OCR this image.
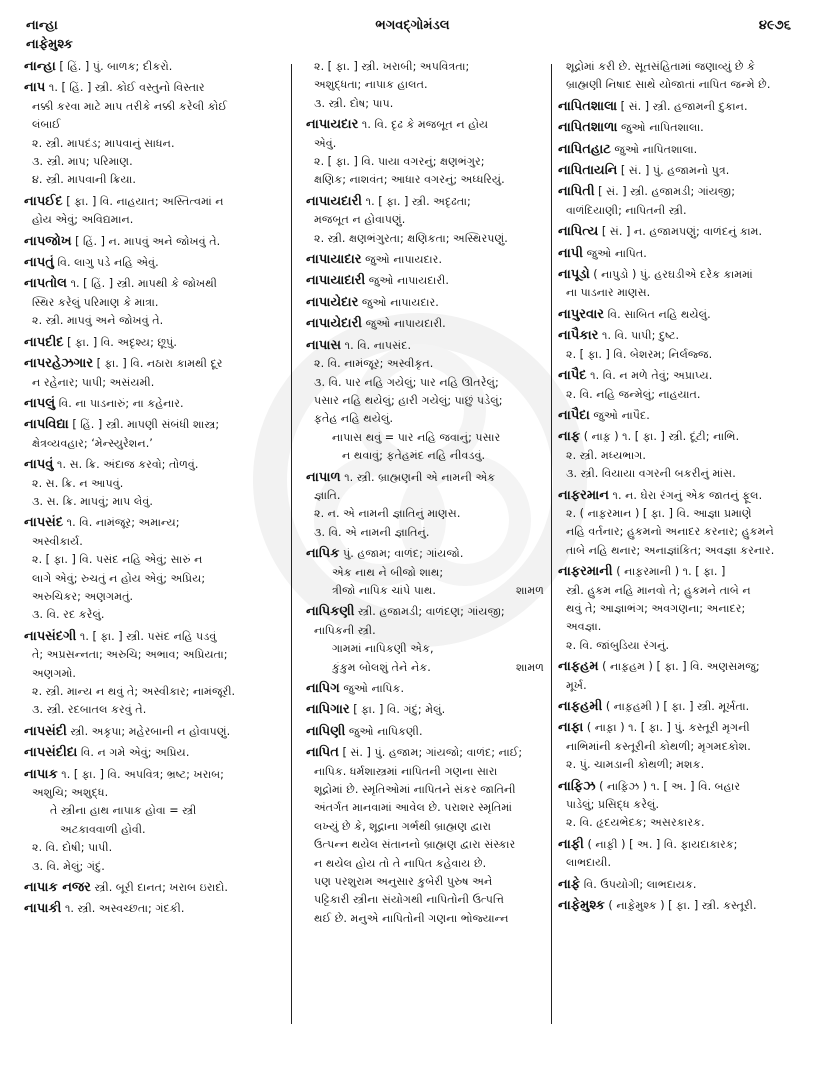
નાન્હા
નાફેમુશ્ક
ભગવદ્ગોમંડલ	૪૯૭૬
નાન્હા [ હિં. ] પું. બાળક; દીકરો.
નાપ ૧. [ હિં. ] સ્ત્રી. કોઈ વસ્તુનો વિસ્તાર
નક્કી કરવા માટે માપ તરીકે નક્કી કરેલી કોઈ
લંબાઈ
૨. સ્ત્રી. માપદંડ; માપવાનું સાધન.
૩. સ્ત્રી. માપ; પરિમાણ.
૪. સ્ત્રી. માપવાની ક્રિયા.
નાપઈદ [ ફા. ] વિ. નાહયાત; અસ્તિત્વમાં ન
હોય એવું; અવિદ્યમાન.
નાપજોખ [ હિં. ] ન. માપવું અને જોખવું તે.
નાપતું વિ. લાગુ પડે નહિ એવું.
નાપતોલ ૧. [ હિં. ] સ્ત્રી. માપથી કે જોખથી
સ્થિર કરેલું પરિમાણ કે માત્રા.
૨. સ્ત્રી. માપવું અને જોખવું તે.
નાપદીદ [ ફા. ] વિ. અદૃશ્ય; છૂપું.
નાપરહેઝગાર [ ફા. ] વિ. નઠારા કામથી દૂર
ન રહેનાર; પાપી; અસંયમી.
નાપલું વિ. ના પાડનારું; ના કહેનાર.
નાપવિદ્યા [ હિં. ] સ્ત્રી. માપણી સંબંધી શાસ્ત્ર;
ક્ષેત્રવ્યવહાર; ‘મેન્સ્યુરેશન.’
નાપવું ૧. સ. ક્રિ. અંદાજ કરવો; તોળવું.
૨. સ. ક્રિ. ન આપવું.
૩. સ. ક્રિ. માપવું; માપ લેવું.
નાપસંદ ૧. વિ. નામંજૂર; અમાન્ય;
અસ્વીકાર્ય.
૨. [ ફા. ] વિ. પસંદ નહિ એવું; સારું ન
લાગે એવું; રુચતું ન હોય એવું; અપ્રિય;
અરુચિકર; અણગમતું.
૩. વિ. રદ કરેલું.
નાપસંદગી ૧. [ ફા. ] સ્ત્રી. પસંદ નહિ પડવું
તે; અપ્રસન્નતા; અરુચિ; અભાવ; અપ્રિયતા;
અણગમો.
૨. સ્ત્રી. માન્ય ન થવું તે; અસ્વીકાર; નામંજૂરી.
૩. સ્ત્રી. રદબાતલ કરવું તે.
નાપસંદી સ્ત્રી. અકૃપા; મહેરબાની ન હોવાપણું.
નાપસંદીદા વિ. ન ગમે એવું; અપ્રિય.
નાપાક ૧. [ ફા. ] વિ. અપવિત્ર; ભ્રષ્ટ; ખરાબ;
અશુચિ; અશુદ્ધ.
તે સ્ત્રીના હાથ નાપાક હોવા = સ્ત્રી
અટકાવવાળી હોવી.
૨. વિ. દોષી; પાપી.
૩. વિ. મેલું; ગંદું.
નાપાક નજર સ્ત્રી. બૂરી દાનત; ખરાબ ઇરાદો.
નાપાકી ૧. સ્ત્રી. અસ્વચ્છતા; ગંદકી.
૨. [ ફા. ] સ્ત્રી. ખરાબી; અપવિત્રતા;
અશુદ્ધતા; નાપાક હાલત.
૩. સ્ત્રી. દોષ; પાપ.
નાપાયદાર ૧. વિ. દૃઢ કે મજબૂત ન હોય
એવું.
૨. [ ફા. ] વિ. પાયા વગરનું; ક્ષણભંગુર;
ક્ષણિક; નાશવંત; આધાર વગરનું; અધ્ધરિયું.
નાપાયદારી ૧. [ ફા. ] સ્ત્રી. અદૃઢતા;
મજબૂત ન હોવાપણું.
૨. સ્ત્રી. ક્ષણભંગુરતા; ક્ષણિકતા; અસ્થિરપણું.
નાપાયાદાર જુઓ નાપાયદાર.
નાપાયાદારી જુઓ નાપાયદારી.
નાપાયેદાર જુઓ નાપાયદાર.
નાપાયેદારી જુઓ નાપાયદારી.
નાપાસ ૧. વિ. નાપસંદ.
૨. વિ. નામંજૂર; અસ્વીકૃત.
૩. વિ. પાર નહિ ગયેલું; પાર નહિ ઊતરેલું;
પસાર નહિ થયેલું; હારી ગયેલું; પાછું પડેલું;
ફતેહ નહિ થયેલું.
નાપાસ થવું = પાર નહિ જવાનું; પસાર
ન થવાવું; ફતેહમંદ નહિ નીવડવું.
નાપાળ ૧. સ્ત્રી. બ્રાહ્મણની એ નામની એક
જ્ઞાતિ.
૨. ન. એ નામની જ્ઞાતિનું માણસ.
૩. વિ. એ નામની જ્ઞાતિનું.
નાપિક પું. હજામ; વાળંદ; ગાંયજો.
એક નાથ ને બીજો શાથ;
ત્રીજો નાપિક ચાંપે પાથ.	શામળ
નાપિકણી સ્ત્રી. હજામડી; વાળંદણ; ગાંયજી;
નાપિકની સ્ત્રી.
ગામમાં નાપિકણી એક,
કુંકુમ બોલશું તેને નેક.	શામળ
નાપિગ જુઓ નાપિક.
નાપિગાર [ ફા. ] વિ. ગંદું; મેલું.
નાપિણી જુઓ નાપિકણી.
નાપિત [ સં. ] પું. હજામ; ગાંયજો; વાળંદ; નાઈ;
નાપિક. ધર્મશાસ્ત્રમાં નાપિતની ગણના સારા
શૂદ્રોમાં છે. સ્મૃતિઓમાં નાપિતને સંકર જાતિની
અંતર્ગત માનવામાં આવેલ છે. પરાશર સ્મૃતિમાં
લખ્યું છે કે, શૂદ્રાના ગર્ભથી બ્રાહ્મણ દ્વારા
ઉત્પન્ન થયેલ સંતાનનો બ્રાહ્મણ દ્વારા સંસ્કાર
ન થયેલ હોય તો તે નાપિત કહેવાય છે.
પણ પરશુરામ અનુસાર કુબેરી પુરુષ અને
પટ્ટિકારી સ્ત્રીના સંયોગથી નાપિતોની ઉત્પત્તિ
થઈ છે. મનુએ નાપિતોની ગણના ભોજ્યાન્ન
શૂદ્રોમાં કરી છે. સૂતસંહિતામાં જણાવ્યું છે કે
બ્રાહ્મણી નિષાદ સાથે યોજાતાં નાપિત જન્મે છે.
નાપિતશાલા [ સં. ] સ્ત્રી. હજામની દુકાન.
નાપિતશાળા જુઓ નાપિતશાલા.
નાપિતહાટ જુઓ નાપિતશાલા.
નાપિતાયનિ [ સં. ] પું. હજામનો પુત્ર.
નાપિતી [ સં. ] સ્ત્રી. હજામડી; ગાંયજી;
વાળંદિયાણી; નાપિતની સ્ત્રી.
નાપિત્ય [ સં. ] ન. હજામપણું; વાળંદનું કામ.
નાપી જુઓ નાપિત.
નાપૂડો ( નાપુડો ) પું. હરઘડીએ દરેક કામમાં
ના પાડનાર માણસ.
નાપુરવાર વિ. સાબિત નહિ થયેલું.
નાપૈકાર ૧. વિ. પાપી; દુષ્ટ.
૨. [ ફા. ] વિ. બેશરમ; નિર્લજ્જ.
નાપૈદ ૧. વિ. ન મળે તેવું; અપ્રાપ્ય.
૨. વિ. નહિ જન્મેલું; નાહયાત.
નાપૈદા જુઓ નાપૈદ.
નાફ ( નાફ઼ ) ૧. [ ફા. ] સ્ત્રી. દૂંટી; નાભિ.
૨. સ્ત્રી. મધ્યભાગ.
૩. સ્ત્રી. વિયાયા વગરની બકરીનું માંસ.
નાફરમાન ૧. ન. ઘેરા રંગનું એક જાતનું ફૂલ.
૨. ( નાફ઼રમાન ) [ ફા. ] વિ. આજ્ઞા પ્રમાણે
નહિ વર્તનાર; હુકમનો અનાદર કરનાર; હુકમને
તાબે નહિ થનાર; અનાજ્ઞાંકિત; અવજ્ઞા કરનાર.
નાફરમાની ( નાફ઼રમાની ) ૧. [ ફા. ]
સ્ત્રી. હુકમ નહિ માનવો તે; હુકમને તાબે ન
થવું તે; આજ્ઞાભંગ; અવગણના; અનાદર;
અવજ્ઞા.
૨. વિ. જાંબુડિયા રંગનું.
નાફહમ ( નાફ઼હમ ) [ ફા. ] વિ. અણસમજુ;
મૂર્ખ.
નાફહમી ( નાફ઼હમી ) [ ફા. ] સ્ત્રી. મૂર્ખતા.
નાફા ( નાફ઼ા ) ૧. [ ફા. ] પું. કસ્તૂરી મૃગની
નાભિમાંની કસ્તૂરીની કોથળી; મૃગમદકોશ.
૨. પું. ચામડાની કોથળી; મશક.
નાફિઝ ( નાફ઼િઝ ) ૧. [ અ. ] વિ. બહાર
પાડેલું; પ્રસિદ્ધ કરેલું.
૨. વિ. હૃદયભેદક; અસરકારક.
નાફી ( નાફ઼ી ) [ અ. ] વિ. ફાયદાકારક;
લાભદાયી.
નાફે વિ. ઉપયોગી; લાભદાયક.
નાફેમુશ્ક ( નાફ઼ેમુશ્ક ) [ ફા. ] સ્ત્રી. કસ્તૂરી.
